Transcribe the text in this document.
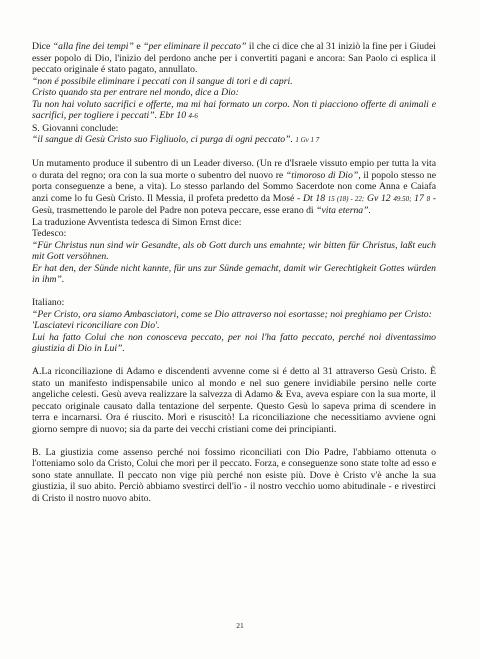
Dice “alla fine dei tempi” e “per eliminare il peccato” il che ci dice che al 31 iniziò la fine per i Giudei esser popolo di Dio, l'inizio del perdono anche per i convertiti pagani e ancora: San Paolo ci esplica il peccato originale é stato pagato, annullato.

“non é possibile eliminare i peccati con il sangue di tori e di capri.

Cristo quando sta per entrare nel mondo, dice a Dio:

Tu non hai voluto sacrifici e offerte, ma mi hai formato un corpo. Non ti piacciono offerte di animali e sacrifici, per togliere i peccati”. Ebr 10 4-6

S. Giovanni conclude:

“il sangue di Gesù Cristo suo Figliuolo, ci purga di ogni peccato”. 1 Gv 1 7

Un mutamento produce il subentro di un Leader diverso. (Un re d'Israele vissuto empio per tutta la vita o durata del regno; ora con la sua morte o subentro del nuovo re “timoroso di Dio”, il popolo stesso ne porta conseguenze a bene, a vita). Lo stesso parlando del Sommo Sacerdote non come Anna e Caiafa anzi come lo fu Gesù Cristo. Il Messia, il profeta predetto da Mosé - Dt 18 15 (18) - 22; Gv 12 49.50; 17 8 - Gesù, trasmettendo le parole del Padre non poteva peccare, esse erano di “vita eterna”.

La traduzione Avventista tedesca di Simon Ernst dice:

Tedesco:

“Für Christus nun sind wir Gesandte, als ob Gott durch uns emahnte; wir bitten für Christus, laßt euch mit Gott versöhnen.

Er hat den, der Sünde nicht kannte, für uns zur Sünde gemacht, damit wir Gerechtigkeit Gottes würden in ihm”.

Italiano:

“Per Cristo, ora siamo Ambasciatori, come se Dio attraverso noi esortasse; noi preghiamo per Cristo:

'Lasciatevi riconciliare con Dio'.

Lui ha fatto Colui che non conosceva peccato, per noi l'ha fatto peccato, perché noi diventassimo giustizia di Dio in Lui”.

A.La riconciliazione di Adamo e discendenti avvenne come si é detto al 31 attraverso Gesù Cristo. È stato un manifesto indispensabile unico al mondo e nel suo genere invidiabile persino nelle corte angeliche celesti. Gesù aveva realizzare la salvezza di Adamo & Eva, aveva espiare con la sua morte, il peccato originale causato dalla tentazione del serpente. Questo Gesù lo sapeva prima di scendere in terra e incarnarsi. Ora é riuscito. Morì e risuscitò! La riconciliazione che necessitiamo avviene ogni giorno sempre di nuovo; sia da parte dei vecchi cristiani come dei principianti.

B. La giustizia come assenso perché noi fossimo riconciliati con Dio Padre, l'abbiamo ottenuta o l'otteniamo solo da Cristo, Colui che morì per il peccato. Forza, e conseguenze sono state tolte ad esso e sono state annullate. Il peccato non vige più perché non esiste più. Dove è Cristo v'è anche la sua giustizia, il suo abito. Perciò abbiamo svestirci dell'io - il nostro vecchio uomo abitudinale - e rivestirci di Cristo il nostro nuovo abito.

21
